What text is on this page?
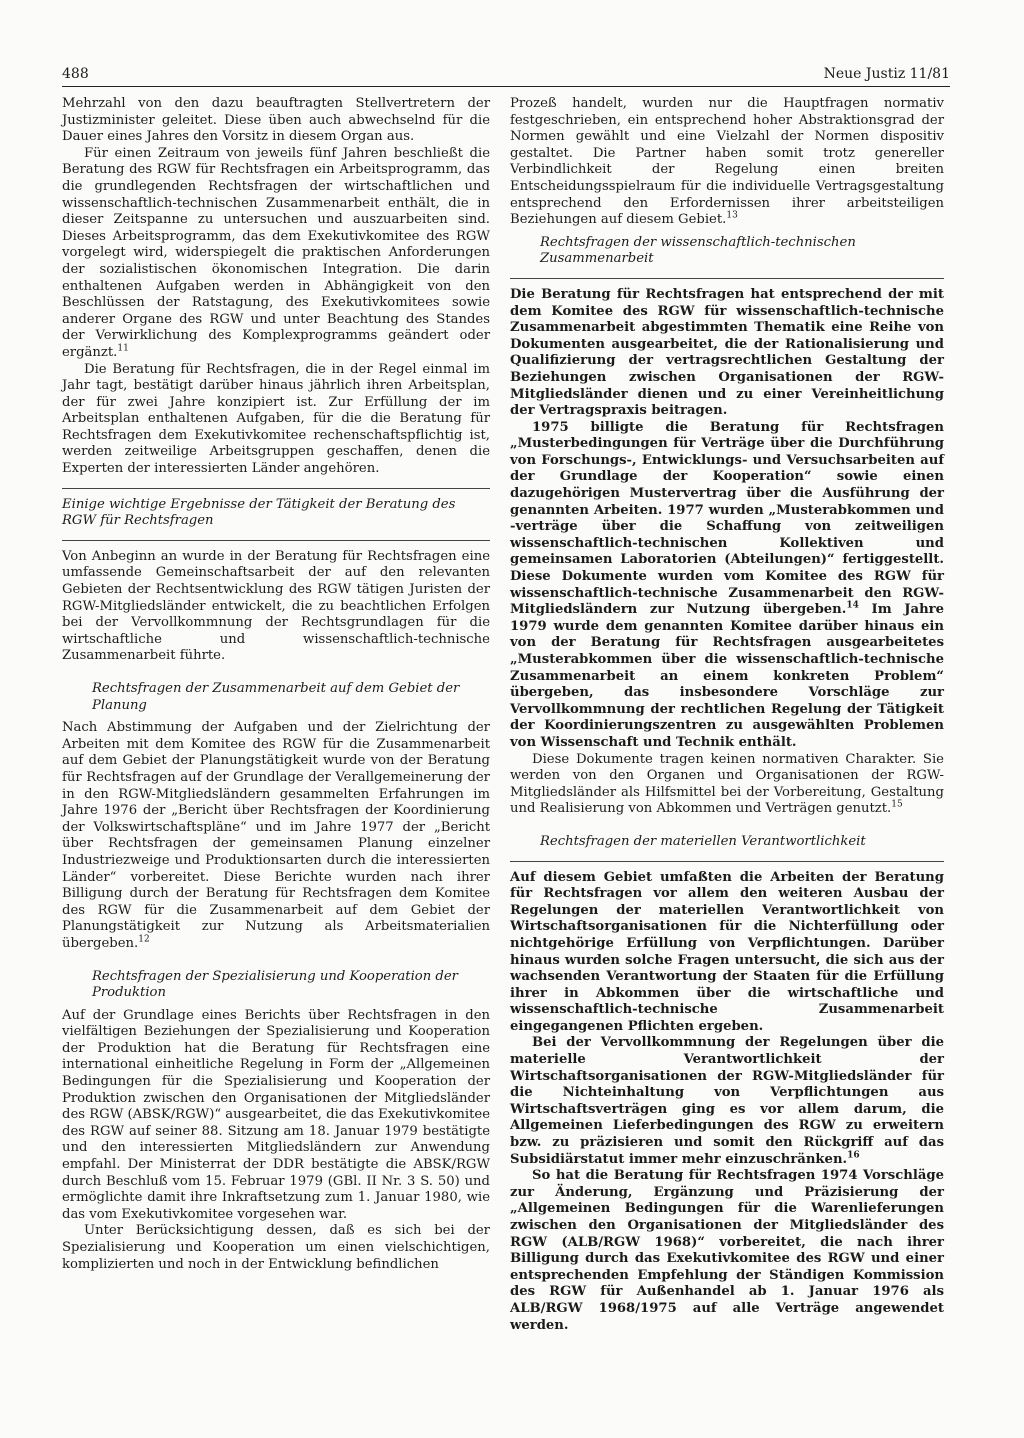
488	Neue Justiz 11/81

Mehrzahl von den dazu beauftragten Stellvertretern der Justizminister geleitet. Diese üben auch abwechselnd für die Dauer eines Jahres den Vorsitz in diesem Organ aus.

Für einen Zeitraum von jeweils fünf Jahren beschließt die Beratung des RGW für Rechtsfragen ein Arbeitsprogramm, das die grundlegenden Rechtsfragen der wirtschaftlichen und wissenschaftlich-technischen Zusammenarbeit enthält, die in dieser Zeitspanne zu untersuchen und auszuarbeiten sind. Dieses Arbeitsprogramm, das dem Exekutivkomitee des RGW vorgelegt wird, widerspiegelt die praktischen Anforderungen der sozialistischen ökonomischen Integration. Die darin enthaltenen Aufgaben werden in Abhängigkeit von den Beschlüssen der Ratstagung, des Exekutivkomitees sowie anderer Organe des RGW und unter Beachtung des Standes der Verwirklichung des Komplexprogramms geändert oder ergänzt.$^{11}$

Die Beratung für Rechtsfragen, die in der Regel einmal im Jahr tagt, bestätigt darüber hinaus jährlich ihren Arbeitsplan, der für zwei Jahre konzipiert ist. Zur Erfüllung der im Arbeitsplan enthaltenen Aufgaben, für die die Beratung für Rechtsfragen dem Exekutivkomitee rechenschaftspflichtig ist, werden zeitweilige Arbeitsgruppen geschaffen, denen die Experten der interessierten Länder angehören.

Einige wichtige Ergebnisse der Tätigkeit der Beratung des RGW für Rechtsfragen

Von Anbeginn an wurde in der Beratung für Rechtsfragen eine umfassende Gemeinschaftsarbeit der auf den relevanten Gebieten der Rechtsentwicklung des RGW tätigen Juristen der RGW-Mitgliedsländer entwickelt, die zu beachtlichen Erfolgen bei der Vervollkommnung der Rechtsgrundlagen für die wirtschaftliche und wissenschaftlich-technische Zusammenarbeit führte.

Rechtsfragen der Zusammenarbeit auf dem Gebiet der Planung

Nach Abstimmung der Aufgaben und der Zielrichtung der Arbeiten mit dem Komitee des RGW für die Zusammenarbeit auf dem Gebiet der Planungstätigkeit wurde von der Beratung für Rechtsfragen auf der Grundlage der Verallgemeinerung der in den RGW-Mitgliedsländern gesammelten Erfahrungen im Jahre 1976 der „Bericht über Rechtsfragen der Koordinierung der Volkswirtschaftspläne“ und im Jahre 1977 der „Bericht über Rechtsfragen der gemeinsamen Planung einzelner Industriezweige und Produktionsarten durch die interessierten Länder“ vorbereitet. Diese Berichte wurden nach ihrer Billigung durch der Beratung für Rechtsfragen dem Komitee des RGW für die Zusammenarbeit auf dem Gebiet der Planungstätigkeit zur Nutzung als Arbeitsmaterialien übergeben.$^{12}$

Rechtsfragen der Spezialisierung und Kooperation der Produktion

Auf der Grundlage eines Berichts über Rechtsfragen in den vielfältigen Beziehungen der Spezialisierung und Kooperation der Produktion hat die Beratung für Rechtsfragen eine international einheitliche Regelung in Form der „Allgemeinen Bedingungen für die Spezialisierung und Kooperation der Produktion zwischen den Organisationen der Mitgliedsländer des RGW (ABSK/RGW)“ ausgearbeitet, die das Exekutivkomitee des RGW auf seiner 88. Sitzung am 18. Januar 1979 bestätigte und den interessierten Mitgliedsländern zur Anwendung empfahl. Der Ministerrat der DDR bestätigte die ABSK/RGW durch Beschluß vom 15. Februar 1979 (GBl. II Nr. 3 S. 50) und ermöglichte damit ihre Inkraftsetzung zum 1. Januar 1980, wie das vom Exekutivkomitee vorgesehen war.

Unter Berücksichtigung dessen, daß es sich bei der Spezialisierung und Kooperation um einen vielschichtigen, komplizierten und noch in der Entwicklung befindlichen

Prozeß handelt, wurden nur die Hauptfragen normativ festgeschrieben, ein entsprechend hoher Abstraktionsgrad der Normen gewählt und eine Vielzahl der Normen dispositiv gestaltet. Die Partner haben somit trotz genereller Verbindlichkeit der Regelung einen breiten Entscheidungsspielraum für die individuelle Vertragsgestaltung entsprechend den Erfordernissen ihrer arbeitsteiligen Beziehungen auf diesem Gebiet.$^{13}$

Rechtsfragen der wissenschaftlich-technischen Zusammenarbeit

Die Beratung für Rechtsfragen hat entsprechend der mit dem Komitee des RGW für wissenschaftlich-technische Zusammenarbeit abgestimmten Thematik eine Reihe von Dokumenten ausgearbeitet, die der Rationalisierung und Qualifizierung der vertragsrechtlichen Gestaltung der Beziehungen zwischen Organisationen der RGW-Mitgliedsländer dienen und zu einer Vereinheitlichung der Vertragspraxis beitragen.

1975 billigte die Beratung für Rechtsfragen „Musterbedingungen für Verträge über die Durchführung von Forschungs-, Entwicklungs- und Versuchsarbeiten auf der Grundlage der Kooperation“ sowie einen dazugehörigen Mustervertrag über die Ausführung der genannten Arbeiten. 1977 wurden „Musterabkommen und -verträge über die Schaffung von zeitweiligen wissenschaftlich-technischen Kollektiven und gemeinsamen Laboratorien (Abteilungen)“ fertiggestellt. Diese Dokumente wurden vom Komitee des RGW für wissenschaftlich-technische Zusammenarbeit den RGW-Mitgliedsländern zur Nutzung übergeben.$^{14}$ Im Jahre 1979 wurde dem genannten Komitee darüber hinaus ein von der Beratung für Rechtsfragen ausgearbeitetes „Musterabkommen über die wissenschaftlich-technische Zusammenarbeit an einem konkreten Problem“ übergeben, das insbesondere Vorschläge zur Vervollkommnung der rechtlichen Regelung der Tätigkeit der Koordinierungszentren zu ausgewählten Problemen von Wissenschaft und Technik enthält.

Diese Dokumente tragen keinen normativen Charakter. Sie werden von den Organen und Organisationen der RGW-Mitgliedsländer als Hilfsmittel bei der Vorbereitung, Gestaltung und Realisierung von Abkommen und Verträgen genutzt.$^{15}$

Rechtsfragen der materiellen Verantwortlichkeit

Auf diesem Gebiet umfaßten die Arbeiten der Beratung für Rechtsfragen vor allem den weiteren Ausbau der Regelungen der materiellen Verantwortlichkeit von Wirtschaftsorganisationen für die Nichterfüllung oder nichtgehörige Erfüllung von Verpflichtungen. Darüber hinaus wurden solche Fragen untersucht, die sich aus der wachsenden Verantwortung der Staaten für die Erfüllung ihrer in Abkommen über die wirtschaftliche und wissenschaftlich-technische Zusammenarbeit eingegangenen Pflichten ergeben.

Bei der Vervollkommnung der Regelungen über die materielle Verantwortlichkeit der Wirtschaftsorganisationen der RGW-Mitgliedsländer für die Nichteinhaltung von Verpflichtungen aus Wirtschaftsverträgen ging es vor allem darum, die Allgemeinen Lieferbedingungen des RGW zu erweitern bzw. zu präzisieren und somit den Rückgriff auf das Subsidiärstatut immer mehr einzuschränken.$^{16}$

So hat die Beratung für Rechtsfragen 1974 Vorschläge zur Änderung, Ergänzung und Präzisierung der „Allgemeinen Bedingungen für die Warenlieferungen zwischen den Organisationen der Mitgliedsländer des RGW (ALB/RGW 1968)“ vorbereitet, die nach ihrer Billigung durch das Exekutivkomitee des RGW und einer entsprechenden Empfehlung der Ständigen Kommission des RGW für Außenhandel ab 1. Januar 1976 als ALB/RGW 1968/1975 auf alle Verträge angewendet werden.
